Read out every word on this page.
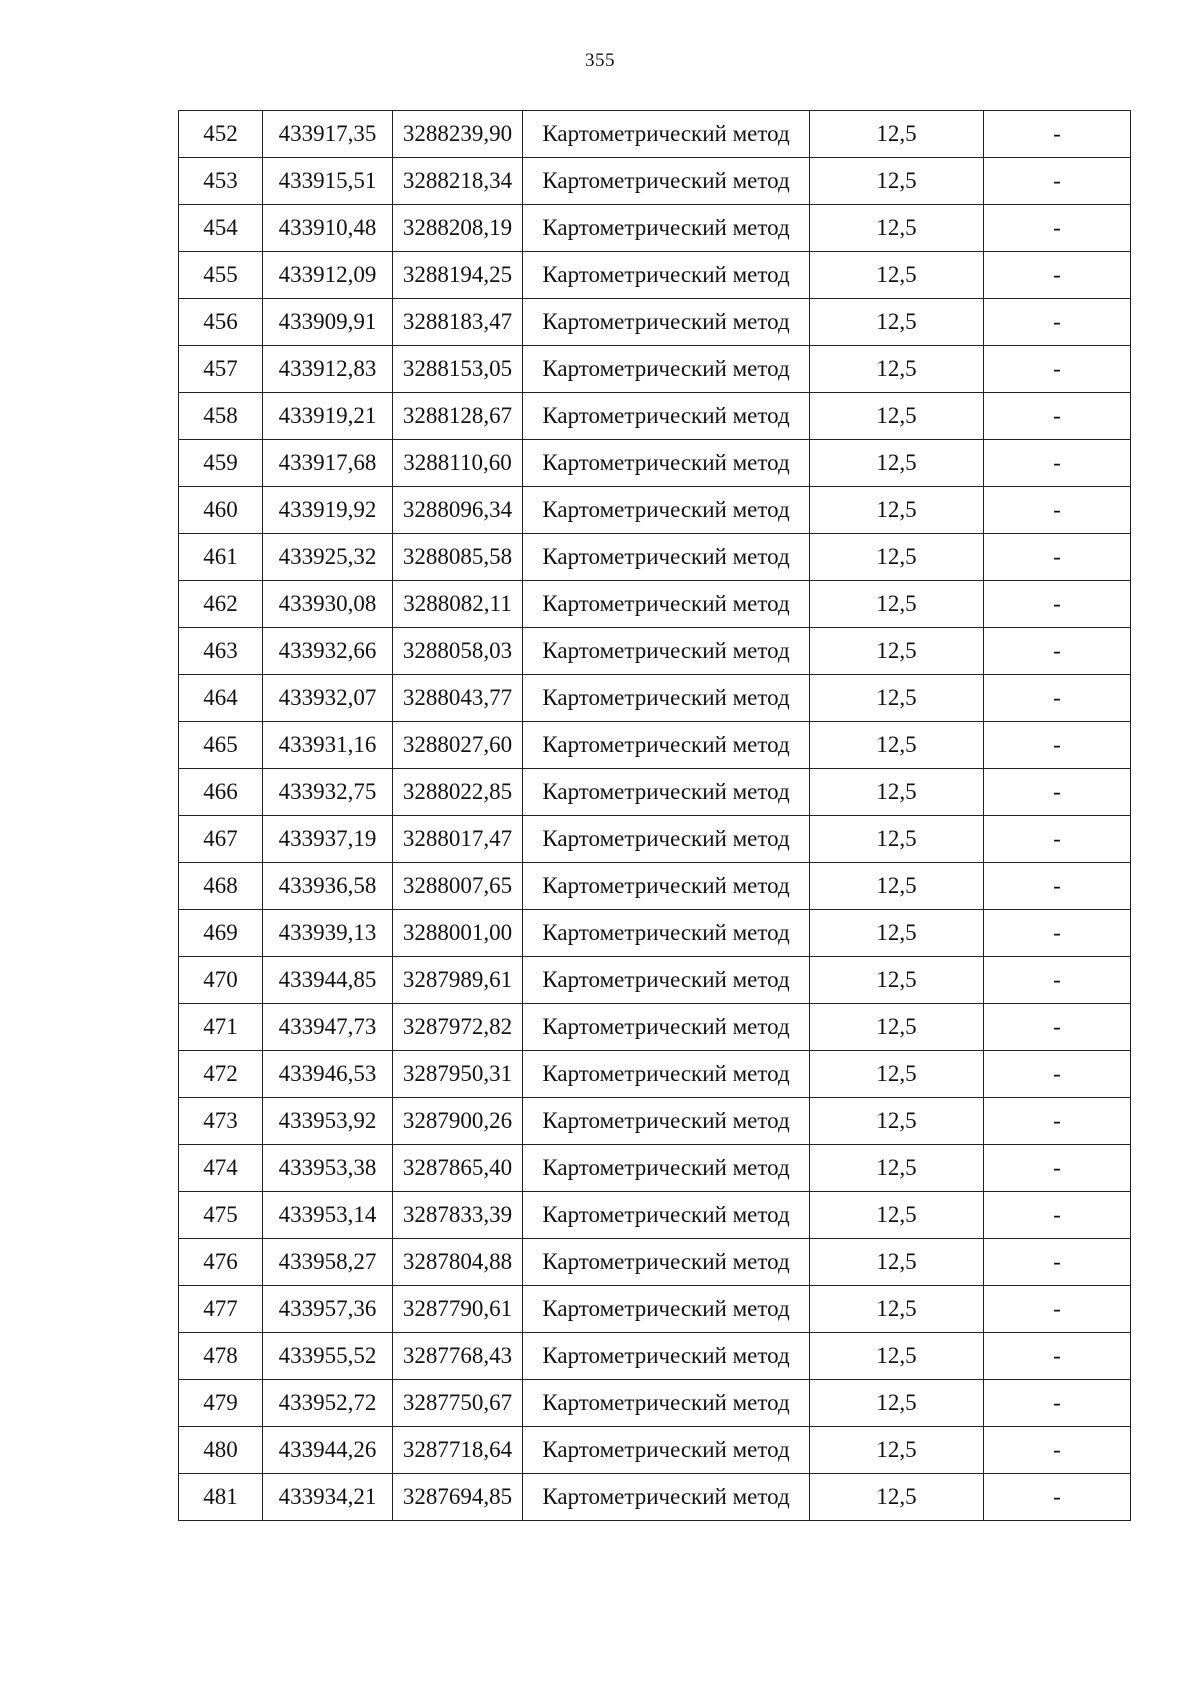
355
452	433917,35	3288239,90	Картометрический метод	12,5	-
453	433915,51	3288218,34	Картометрический метод	12,5	-
454	433910,48	3288208,19	Картометрический метод	12,5	-
455	433912,09	3288194,25	Картометрический метод	12,5	-
456	433909,91	3288183,47	Картометрический метод	12,5	-
457	433912,83	3288153,05	Картометрический метод	12,5	-
458	433919,21	3288128,67	Картометрический метод	12,5	-
459	433917,68	3288110,60	Картометрический метод	12,5	-
460	433919,92	3288096,34	Картометрический метод	12,5	-
461	433925,32	3288085,58	Картометрический метод	12,5	-
462	433930,08	3288082,11	Картометрический метод	12,5	-
463	433932,66	3288058,03	Картометрический метод	12,5	-
464	433932,07	3288043,77	Картометрический метод	12,5	-
465	433931,16	3288027,60	Картометрический метод	12,5	-
466	433932,75	3288022,85	Картометрический метод	12,5	-
467	433937,19	3288017,47	Картометрический метод	12,5	-
468	433936,58	3288007,65	Картометрический метод	12,5	-
469	433939,13	3288001,00	Картометрический метод	12,5	-
470	433944,85	3287989,61	Картометрический метод	12,5	-
471	433947,73	3287972,82	Картометрический метод	12,5	-
472	433946,53	3287950,31	Картометрический метод	12,5	-
473	433953,92	3287900,26	Картометрический метод	12,5	-
474	433953,38	3287865,40	Картометрический метод	12,5	-
475	433953,14	3287833,39	Картометрический метод	12,5	-
476	433958,27	3287804,88	Картометрический метод	12,5	-
477	433957,36	3287790,61	Картометрический метод	12,5	-
478	433955,52	3287768,43	Картометрический метод	12,5	-
479	433952,72	3287750,67	Картометрический метод	12,5	-
480	433944,26	3287718,64	Картометрический метод	12,5	-
481	433934,21	3287694,85	Картометрический метод	12,5	-
